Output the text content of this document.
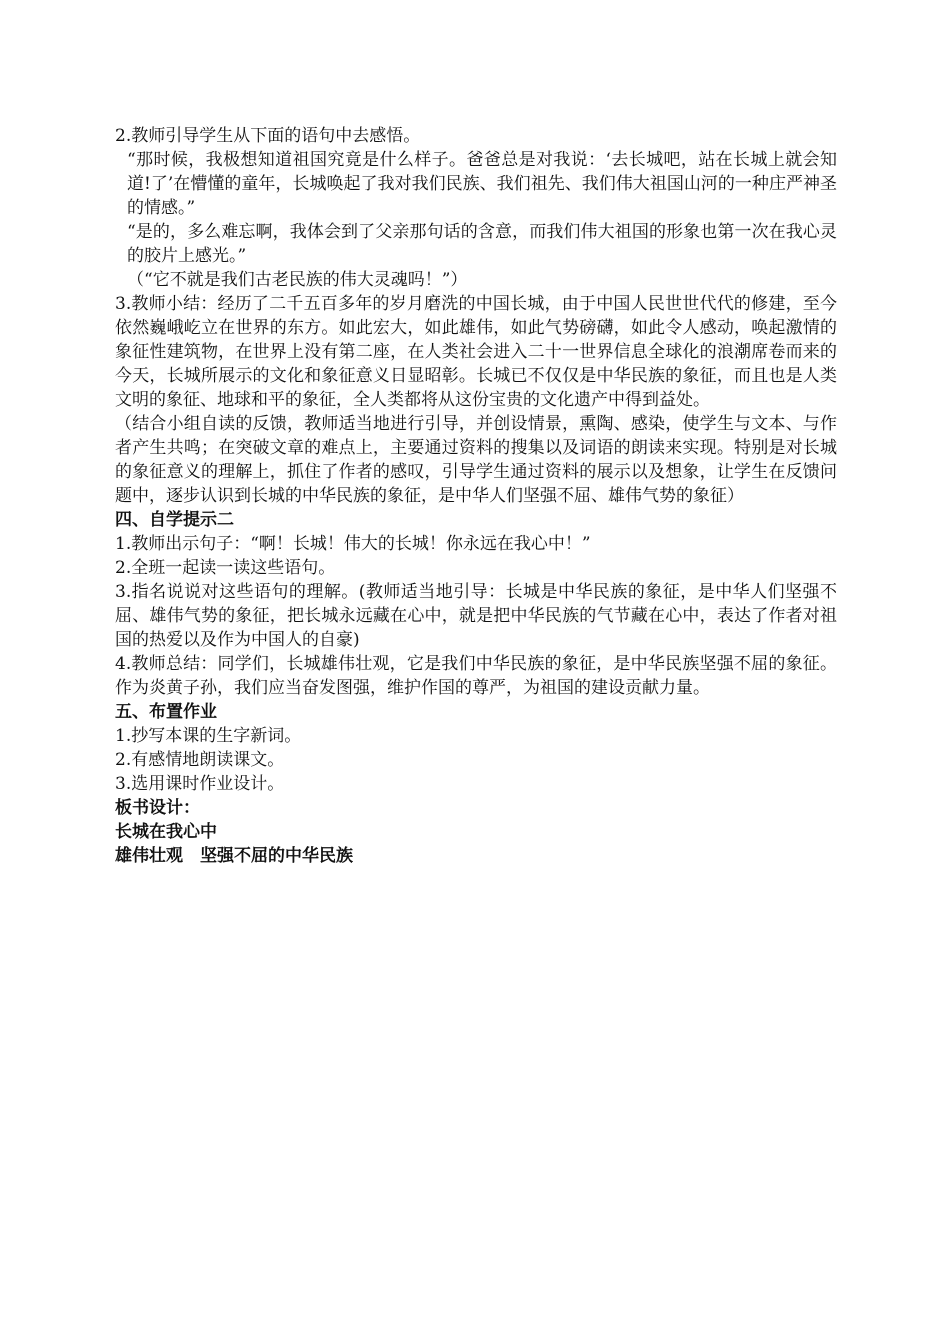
2.教师引导学生从下面的语句中去感悟。

“那时候，我极想知道祖国究竟是什么样子。爸爸总是对我说：‘去长城吧，站在长城上就会知道!了’在懵懂的童年，长城唤起了我对我们民族、我们祖先、我们伟大祖国山河的一种庄严神圣的情感。”

“是的，多么难忘啊，我体会到了父亲那句话的含意，而我们伟大祖国的形象也第一次在我心灵的胶片上感光。”

（“它不就是我们古老民族的伟大灵魂吗！”）

3.教师小结：经历了二千五百多年的岁月磨洗的中国长城，由于中国人民世世代代的修建，至今依然巍峨屹立在世界的东方。如此宏大，如此雄伟，如此气势磅礴，如此令人感动，唤起激情的象征性建筑物，在世界上没有第二座，在人类社会进入二十一世界信息全球化的浪潮席卷而来的今天，长城所展示的文化和象征意义日显昭彰。长城已不仅仅是中华民族的象征，而且也是人类文明的象征、地球和平的象征，全人类都将从这份宝贵的文化遗产中得到益处。

（结合小组自读的反馈，教师适当地进行引导，并创设情景，熏陶、感染，使学生与文本、与作者产生共鸣；在突破文章的难点上，主要通过资料的搜集以及词语的朗读来实现。特别是对长城的象征意义的理解上，抓住了作者的感叹，引导学生通过资料的展示以及想象，让学生在反馈问题中，逐步认识到长城的中华民族的象征，是中华人们坚强不屈、雄伟气势的象征）

四、自学提示二

1.教师出示句子：“啊！长城！伟大的长城！你永远在我心中！”

2.全班一起读一读这些语句。

3.指名说说对这些语句的理解。(教师适当地引导：长城是中华民族的象征，是中华人们坚强不屈、雄伟气势的象征，把长城永远藏在心中，就是把中华民族的气节藏在心中，表达了作者对祖国的热爱以及作为中国人的自豪)

4.教师总结：同学们，长城雄伟壮观，它是我们中华民族的象征，是中华民族坚强不屈的象征。作为炎黄子孙，我们应当奋发图强，维护作国的尊严，为祖国的建设贡献力量。

五、布置作业

1.抄写本课的生字新词。

2.有感情地朗读课文。

3.选用课时作业设计。

板书设计：

长城在我心中

雄伟壮观　坚强不屈的中华民族
